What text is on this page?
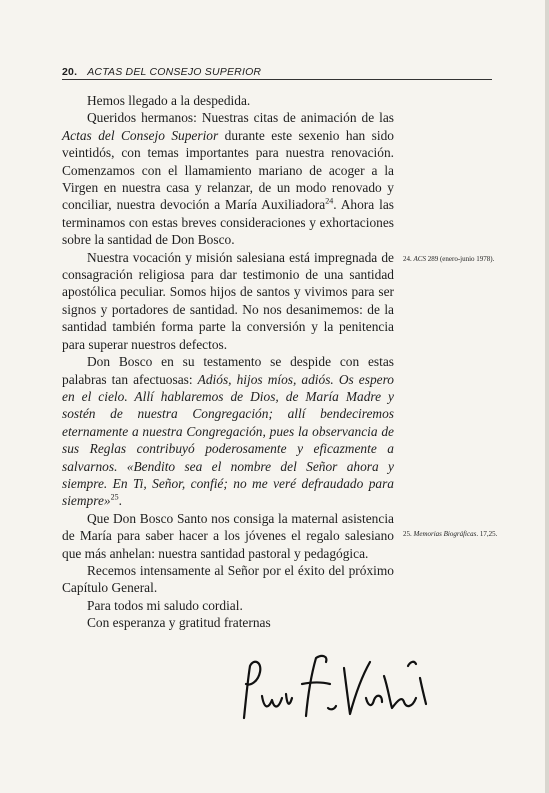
20. ACTAS DEL CONSEJO SUPERIOR

Hemos llegado a la despedida.

Queridos hermanos: Nuestras citas de animación de las Actas del Consejo Superior durante este sexenio han sido veintidós, con temas importantes para nuestra renovación. Comenzamos con el llamamiento mariano de acoger a la Virgen en nuestra casa y relanzar, de un modo renovado y conciliar, nuestra devoción a María Auxiliadora$^{24}$. Ahora las terminamos con estas breves consideraciones y exhortaciones sobre la santidad de Don Bosco.

Nuestra vocación y misión salesiana está impregnada de consagración religiosa para dar testimonio de una santidad apostólica peculiar. Somos hijos de santos y vivimos para ser signos y portadores de santidad. No nos desanimemos: de la santidad también forma parte la conversión y la penitencia para superar nuestros defectos.

Don Bosco en su testamento se despide con estas palabras tan afectuosas: Adiós, hijos míos, adiós. Os espero en el cielo. Allí hablaremos de Dios, de María Madre y sostén de nuestra Congregación; allí bendeciremos eternamente a nuestra Congregación, pues la observancia de sus Reglas contribuyó poderosamente y eficazmente a salvarnos. «Bendito sea el nombre del Señor ahora y siempre. En Ti, Señor, confié; no me veré defraudado para siempre»$^{25}$.

Que Don Bosco Santo nos consiga la maternal asistencia de María para saber hacer a los jóvenes el regalo salesiano que más anhelan: nuestra santidad pastoral y pedagógica.

Recemos intensamente al Señor por el éxito del próximo Capítulo General.

Para todos mi saludo cordial.

Con esperanza y gratitud fraternas

24. ACS 289 (enero-junio 1978).
25. Memorias Biográficas. 17,25.
